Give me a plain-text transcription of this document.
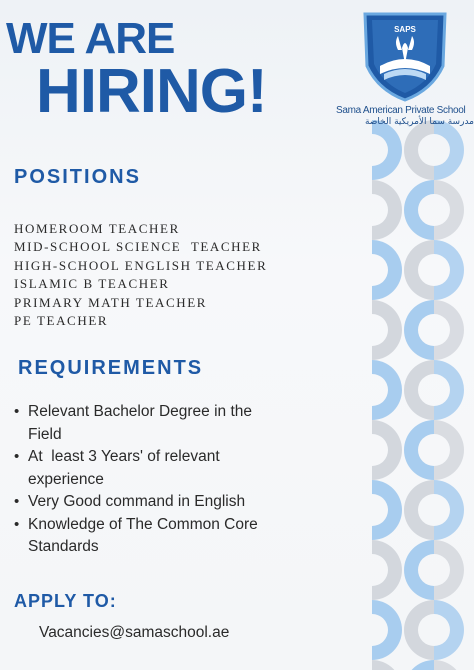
WE ARE
HIRING!
SAPS
Sama American Private School
مدرسة سما الأمريكية الخاصة
POSITIONS
HOMEROOM TEACHER
MID-SCHOOL SCIENCE  TEACHER
HIGH-SCHOOL ENGLISH TEACHER
ISLAMIC B TEACHER
PRIMARY MATH TEACHER
PE TEACHER
REQUIREMENTS
• Relevant Bachelor Degree in the
Field
• At  least 3 Years' of relevant
experience
• Very Good command in English
• Knowledge of The Common Core
Standards
APPLY TO:

Vacancies@samaschool.ae
